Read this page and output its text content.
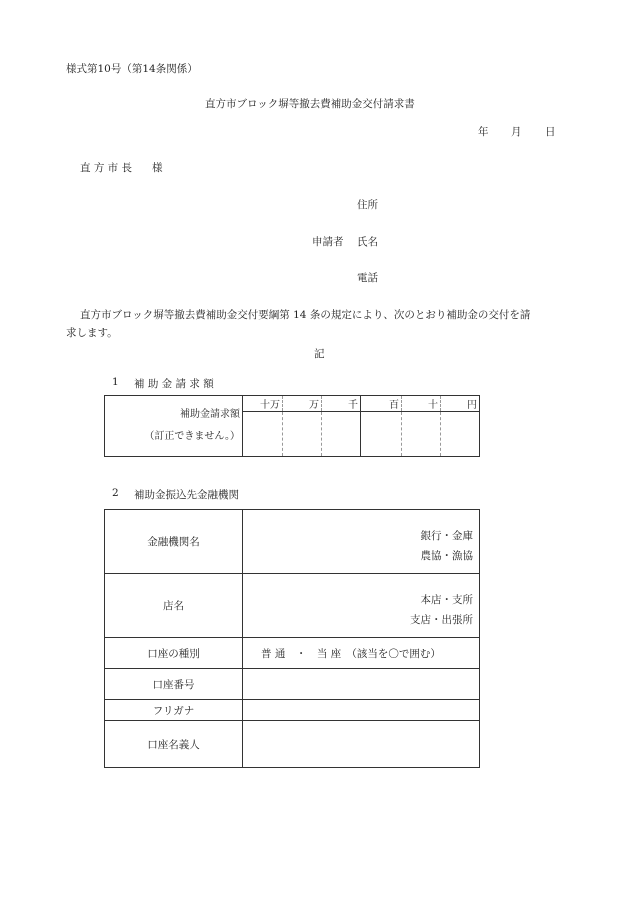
様式第10号（第14条関係）
直方市ブロック塀等撤去費補助金交付請求書
年 月 日
直 方 市 長 様
住所
申請者 氏名
電話
直方市ブロック塀等撤去費補助金交付要綱第 14 条の規定により、次のとおり補助金の交付を請
求します。
記
1 補 助 金 請 求 額
補助金請求額
（訂正できません。）	十万	万	千	百	十	円

2 補助金振込先金融機関
金融機関名	銀行・金庫
農協・漁協

店名	本店・支所
支店・出張所

口座の種別	普 通　・　当 座　（該当を〇で囲む）
口座番号	
フリガナ	
口座名義人	
